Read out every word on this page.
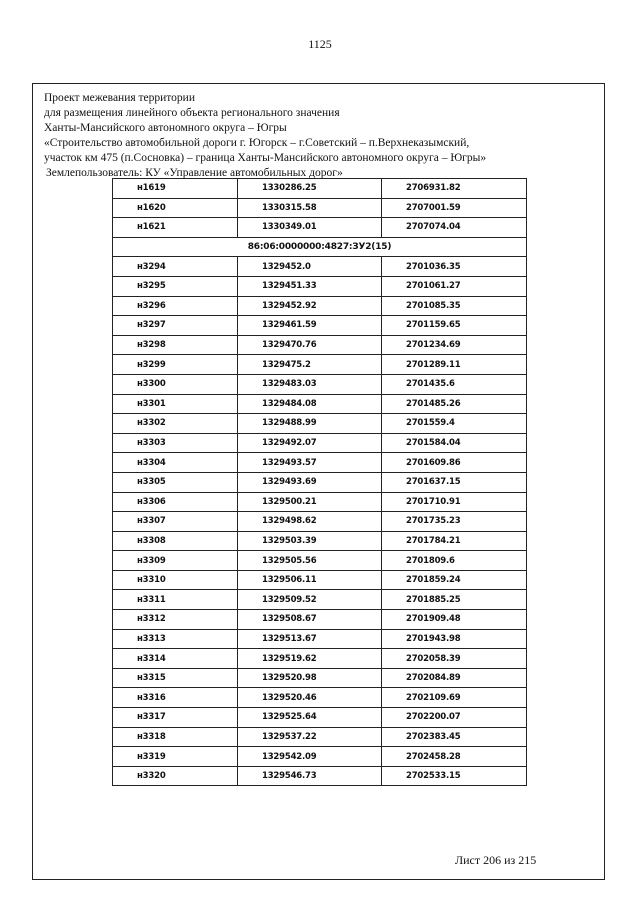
1125
Проект межевания территории
для размещения линейного объекта регионального значения
Ханты-Мансийского автономного округа – Югры
«Строительство автомобильной дороги г. Югорск – г.Советский – п.Верхнеказымский,
участок км 475 (п.Сосновка) – граница Ханты-Мансийского автономного округа – Югры»
Землепользователь: КУ «Управление автомобильных дорог»
н1619	1330286.25	2706931.82
н1620	1330315.58	2707001.59
н1621	1330349.01	2707074.04
86:06:0000000:4827:ЗУ2(15)		
н3294	1329452.0	2701036.35
н3295	1329451.33	2701061.27
н3296	1329452.92	2701085.35
н3297	1329461.59	2701159.65
н3298	1329470.76	2701234.69
н3299	1329475.2	2701289.11
н3300	1329483.03	2701435.6
н3301	1329484.08	2701485.26
н3302	1329488.99	2701559.4
н3303	1329492.07	2701584.04
н3304	1329493.57	2701609.86
н3305	1329493.69	2701637.15
н3306	1329500.21	2701710.91
н3307	1329498.62	2701735.23
н3308	1329503.39	2701784.21
н3309	1329505.56	2701809.6
н3310	1329506.11	2701859.24
н3311	1329509.52	2701885.25
н3312	1329508.67	2701909.48
н3313	1329513.67	2701943.98
н3314	1329519.62	2702058.39
н3315	1329520.98	2702084.89
н3316	1329520.46	2702109.69
н3317	1329525.64	2702200.07
н3318	1329537.22	2702383.45
н3319	1329542.09	2702458.28
н3320	1329546.73	2702533.15
Лист 206 из 215
